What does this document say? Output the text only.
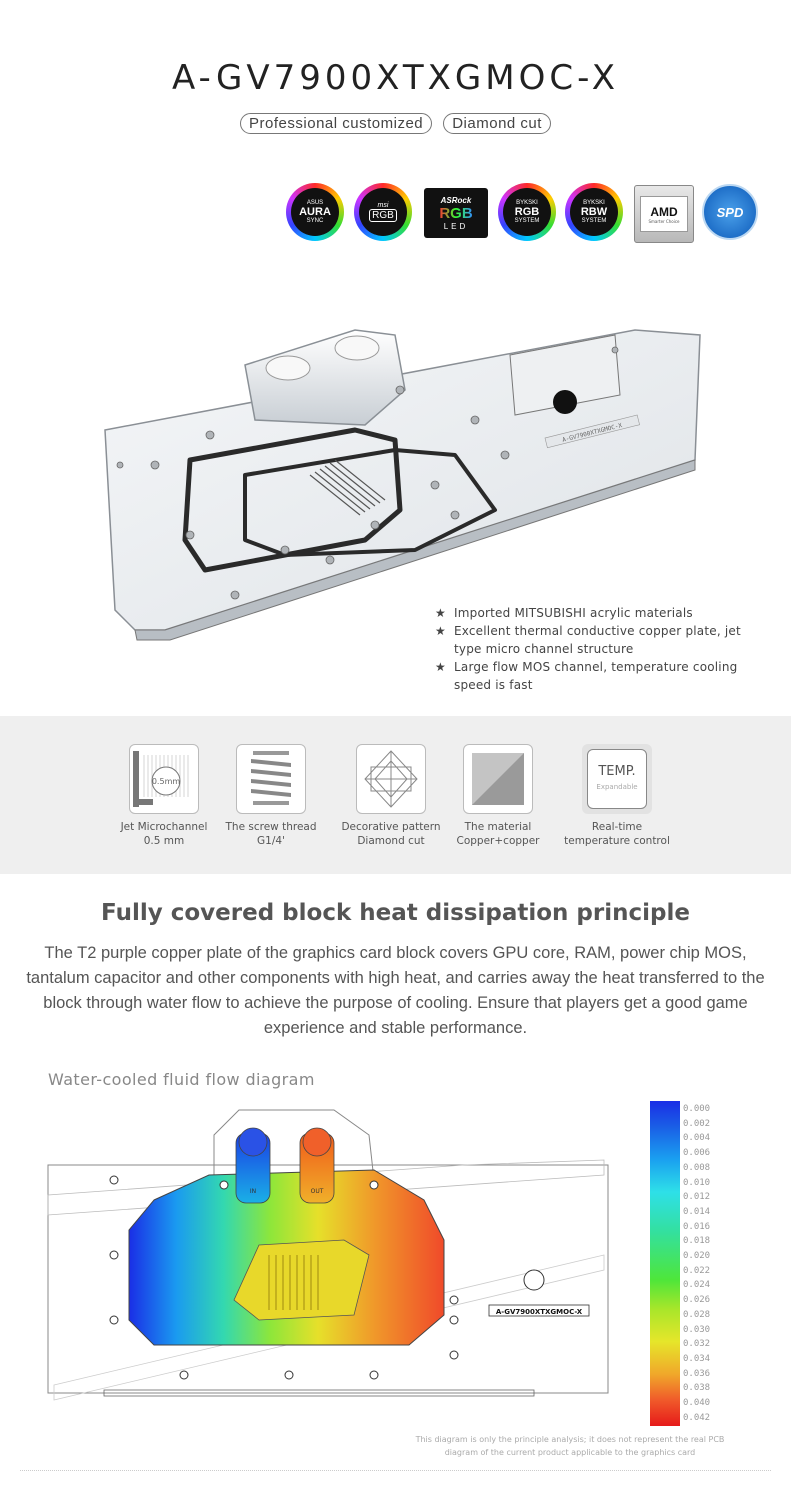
A-GV7900XTXGMOC-X
Professional customized Diamond cut
ASUS
AURA
SYNC
msi
RGB
ASRock
RGB
LED
BYKSKI
RGB
SYSTEM
BYKSKI
RBW
SYSTEM
AMD
Smarter Choice
SPD
A-GV7900XTXGMOC-X
★ Imported MITSUBISHI acrylic materials
★ Excellent thermal conductive copper plate, jet type micro channel structure
★ Large flow MOS channel, temperature cooling speed is fast
0.5mm
TEMP.
Expandable
Jet Microchannel
0.5 mm
The screw thread
G1/4'
Decorative pattern
Diamond cut
The material
Copper+copper
Real-time
temperature control
Fully covered block heat dissipation principle
The T2 purple copper plate of the graphics card block covers GPU core, RAM, power chip MOS, tantalum capacitor and other components with high heat, and carries away the heat transferred to the block through water flow to achieve the purpose of cooling. Ensure that players get a good game experience and stable performance.
Water-cooled fluid flow diagram
IN	OUT
A-GV7900XTXGMOC-X
0.000
0.002
0.004
0.006
0.008
0.010
0.012
0.014
0.016
0.018
0.020
0.022
0.024
0.026
0.028
0.030
0.032
0.034
0.036
0.038
0.040
0.042
This diagram is only the principle analysis; it does not represent the real PCB
diagram of the current product applicable to the graphics card
